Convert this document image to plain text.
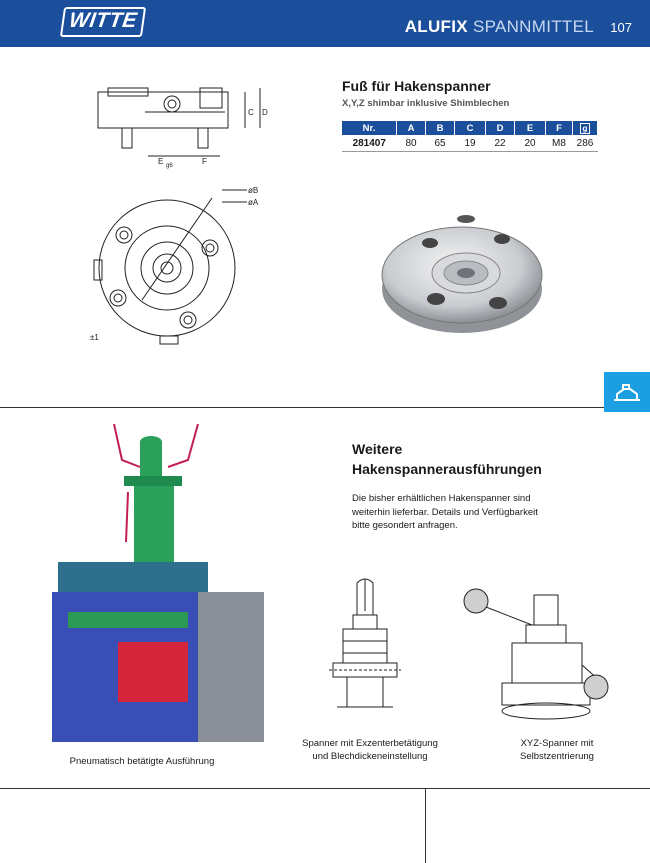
WITTE	ALUFIX SPANNMITTEL 107
C D
E g6	F
øB
øA
±1
Fuß für Hakenspanner
X,Y,Z shimbar inklusive Shimblechen
Nr.	A	B	C	D	E	F	g
281407	80	65	19	22	20	M8	286
Weitere
Hakenspannerausführungen
Die bisher erhältlichen Hakenspanner sind
weiterhin lieferbar. Details und Verfügbarkeit
bitte gesondert anfragen.
Pneumatisch betätigte Ausführung
Spanner mit Exzenterbetätigung
und Blechdickeneinstellung
XYZ-Spanner mit
Selbstzentrierung
